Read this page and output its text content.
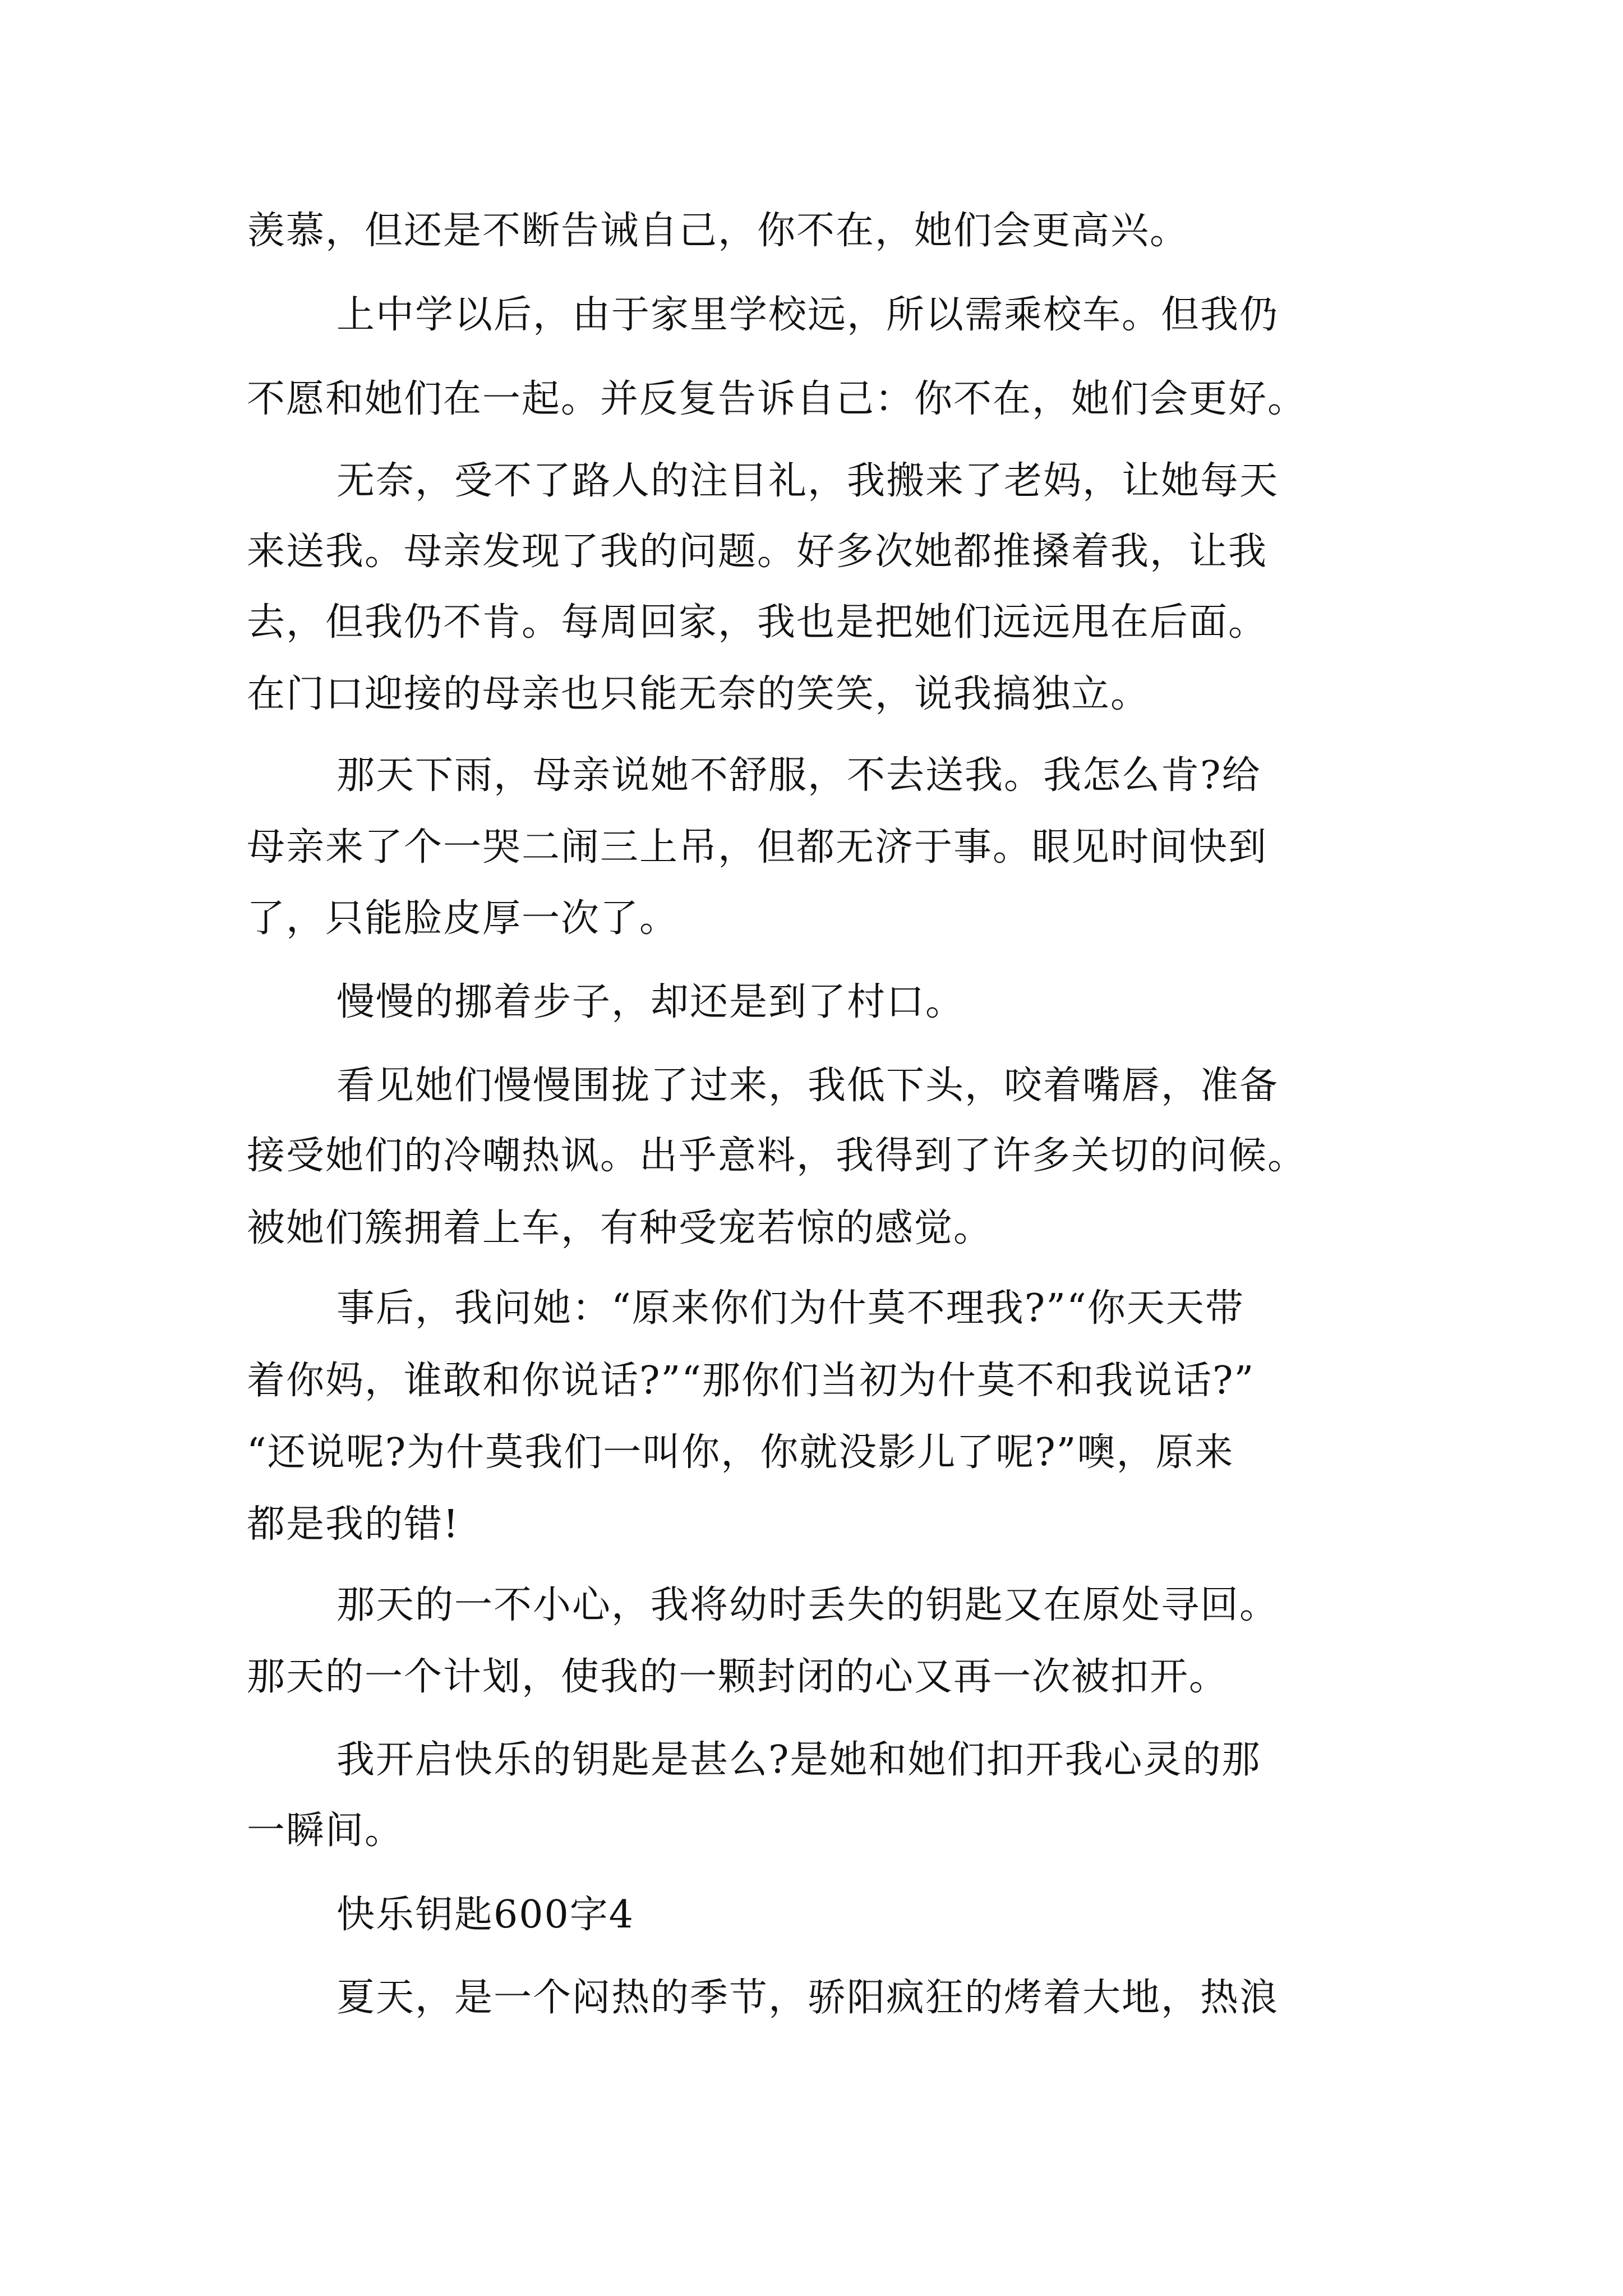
羡慕，但还是不断告诫自己，你不在，她们会更高兴。

上中学以后，由于家里学校远，所以需乘校车。但我仍

不愿和她们在一起。并反复告诉自己：你不在，她们会更好。

无奈，受不了路人的注目礼，我搬来了老妈，让她每天

来送我。母亲发现了我的问题。好多次她都推搡着我，让我

去，但我仍不肯。每周回家，我也是把她们远远甩在后面。

在门口迎接的母亲也只能无奈的笑笑，说我搞独立。

那天下雨，母亲说她不舒服，不去送我。我怎么肯?给

母亲来了个一哭二闹三上吊，但都无济于事。眼见时间快到

了，只能脸皮厚一次了。

慢慢的挪着步子，却还是到了村口。

看见她们慢慢围拢了过来，我低下头，咬着嘴唇，准备

接受她们的冷嘲热讽。出乎意料，我得到了许多关切的问候。

被她们簇拥着上车，有种受宠若惊的感觉。

事后，我问她：“原来你们为什莫不理我?”“你天天带

着你妈，谁敢和你说话?”“那你们当初为什莫不和我说话?”

“还说呢?为什莫我们一叫你，你就没影儿了呢?”噢，原来

都是我的错!

那天的一不小心，我将幼时丢失的钥匙又在原处寻回。

那天的一个计划，使我的一颗封闭的心又再一次被扣开。

我开启快乐的钥匙是甚么?是她和她们扣开我心灵的那

一瞬间。

快乐钥匙600字4

夏天，是一个闷热的季节，骄阳疯狂的烤着大地，热浪
